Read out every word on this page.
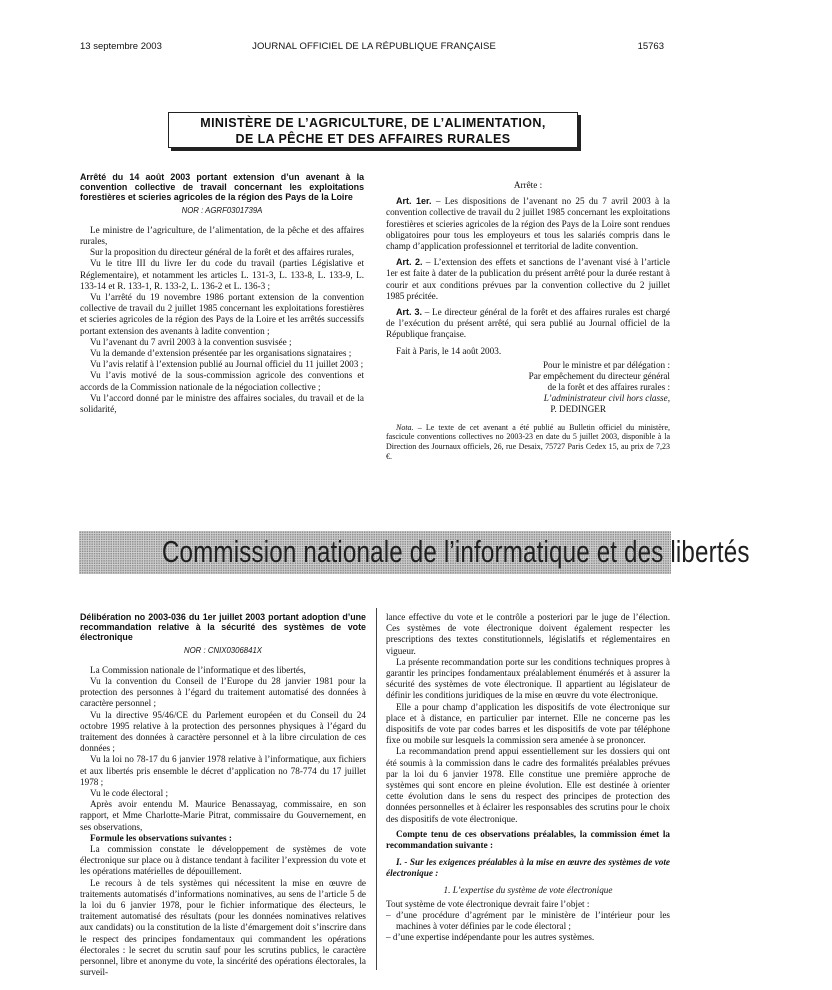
13 septembre 2003	JOURNAL OFFICIEL DE LA RÉPUBLIQUE FRANÇAISE	15763
MINISTÈRE DE L’AGRICULTURE, DE L’ALIMENTATION,
DE LA PÊCHE ET DES AFFAIRES RURALES

Arrêté du 14 août 2003 portant extension d’un avenant à la convention collective de travail concernant les exploitations forestières et scieries agricoles de la région des Pays de la Loire

NOR : AGRF0301739A

Le ministre de l’agriculture, de l’alimentation, de la pêche et des affaires rurales,

Sur la proposition du directeur général de la forêt et des affaires rurales,

Vu le titre III du livre Ier du code du travail (parties Législative et Réglementaire), et notamment les articles L. 131-3, L. 133-8, L. 133-9, L. 133-14 et R. 133-1, R. 133-2, L. 136-2 et L. 136-3 ;

Vu l’arrêté du 19 novembre 1986 portant extension de la convention collective de travail du 2 juillet 1985 concernant les exploitations forestières et scieries agricoles de la région des Pays de la Loire et les arrêtés successifs portant extension des avenants à ladite convention ;

Vu l’avenant du 7 avril 2003 à la convention susvisée ;

Vu la demande d’extension présentée par les organisations signataires ;

Vu l’avis relatif à l’extension publié au Journal officiel du 11 juillet 2003 ;

Vu l’avis motivé de la sous-commission agricole des conventions et accords de la Commission nationale de la négociation collective ;

Vu l’accord donné par le ministre des affaires sociales, du travail et de la solidarité,

Arrête :

Art. 1er. – Les dispositions de l’avenant no 25 du 7 avril 2003 à la convention collective de travail du 2 juillet 1985 concernant les exploitations forestières et scieries agricoles de la région des Pays de la Loire sont rendues obligatoires pour tous les employeurs et tous les salariés compris dans le champ d’application professionnel et territorial de ladite convention.

Art. 2. – L’extension des effets et sanctions de l’avenant visé à l’article 1er est faite à dater de la publication du présent arrêté pour la durée restant à courir et aux conditions prévues par la convention collective du 2 juillet 1985 précitée.

Art. 3. – Le directeur général de la forêt et des affaires rurales est chargé de l’exécution du présent arrêté, qui sera publié au Journal officiel de la République française.

Fait à Paris, le 14 août 2003.

Pour le ministre et par délégation :

Par empêchement du directeur général

de la forêt et des affaires rurales :

L’administrateur civil hors classe,

P. DEDINGER

Nota. – Le texte de cet avenant a été publié au Bulletin officiel du ministère, fascicule conventions collectives no 2003-23 en date du 5 juillet 2003, disponible à la Direction des Journaux officiels, 26, rue Desaix, 75727 Paris Cedex 15, au prix de 7,23 €.

Commission nationale de l’informatique et des libertés

Délibération no 2003-036 du 1er juillet 2003 portant adoption d’une recommandation relative à la sécurité des systèmes de vote électronique

NOR : CNIX0306841X

La Commission nationale de l’informatique et des libertés,

Vu la convention du Conseil de l’Europe du 28 janvier 1981 pour la protection des personnes à l’égard du traitement automatisé des données à caractère personnel ;

Vu la directive 95/46/CE du Parlement européen et du Conseil du 24 octobre 1995 relative à la protection des personnes physiques à l’égard du traitement des données à caractère personnel et à la libre circulation de ces données ;

Vu la loi no 78-17 du 6 janvier 1978 relative à l’informatique, aux fichiers et aux libertés pris ensemble le décret d’application no 78-774 du 17 juillet 1978 ;

Vu le code électoral ;

Après avoir entendu M. Maurice Benassayag, commissaire, en son rapport, et Mme Charlotte-Marie Pitrat, commissaire du Gouvernement, en ses observations,

Formule les observations suivantes :

La commission constate le développement de systèmes de vote électronique sur place ou à distance tendant à faciliter l’expression du vote et les opérations matérielles de dépouillement.

Le recours à de tels systèmes qui nécessitent la mise en œuvre de traitements automatisés d’informations nominatives, au sens de l’article 5 de la loi du 6 janvier 1978, pour le fichier informatique des électeurs, le traitement automatisé des résultats (pour les données nominatives relatives aux candidats) ou la constitution de la liste d’émargement doit s’inscrire dans le respect des principes fondamentaux qui commandent les opérations électorales : le secret du scrutin sauf pour les scrutins publics, le caractère personnel, libre et anonyme du vote, la sincérité des opérations électorales, la surveil-

lance effective du vote et le contrôle a posteriori par le juge de l’élection. Ces systèmes de vote électronique doivent également respecter les prescriptions des textes constitutionnels, législatifs et réglementaires en vigueur.

La présente recommandation porte sur les conditions techniques propres à garantir les principes fondamentaux préalablement énumérés et à assurer la sécurité des systèmes de vote électronique. Il appartient au législateur de définir les conditions juridiques de la mise en œuvre du vote électronique.

Elle a pour champ d’application les dispositifs de vote électronique sur place et à distance, en particulier par internet. Elle ne concerne pas les dispositifs de vote par codes barres et les dispositifs de vote par téléphone fixe ou mobile sur lesquels la commission sera amenée à se prononcer.

La recommandation prend appui essentiellement sur les dossiers qui ont été soumis à la commission dans le cadre des formalités préalables prévues par la loi du 6 janvier 1978. Elle constitue une première approche de systèmes qui sont encore en pleine évolution. Elle est destinée à orienter cette évolution dans le sens du respect des principes de protection des données personnelles et à éclairer les responsables des scrutins pour le choix des dispositifs de vote électronique.

Compte tenu de ces observations préalables, la commission émet la recommandation suivante :

I. - Sur les exigences préalables à la mise en œuvre des systèmes de vote électronique :

1. L’expertise du système de vote électronique

Tout système de vote électronique devrait faire l’objet :

– d’une procédure d’agrément par le ministère de l’intérieur pour les machines à voter définies par le code électoral ;
– d’une expertise indépendante pour les autres systèmes.
